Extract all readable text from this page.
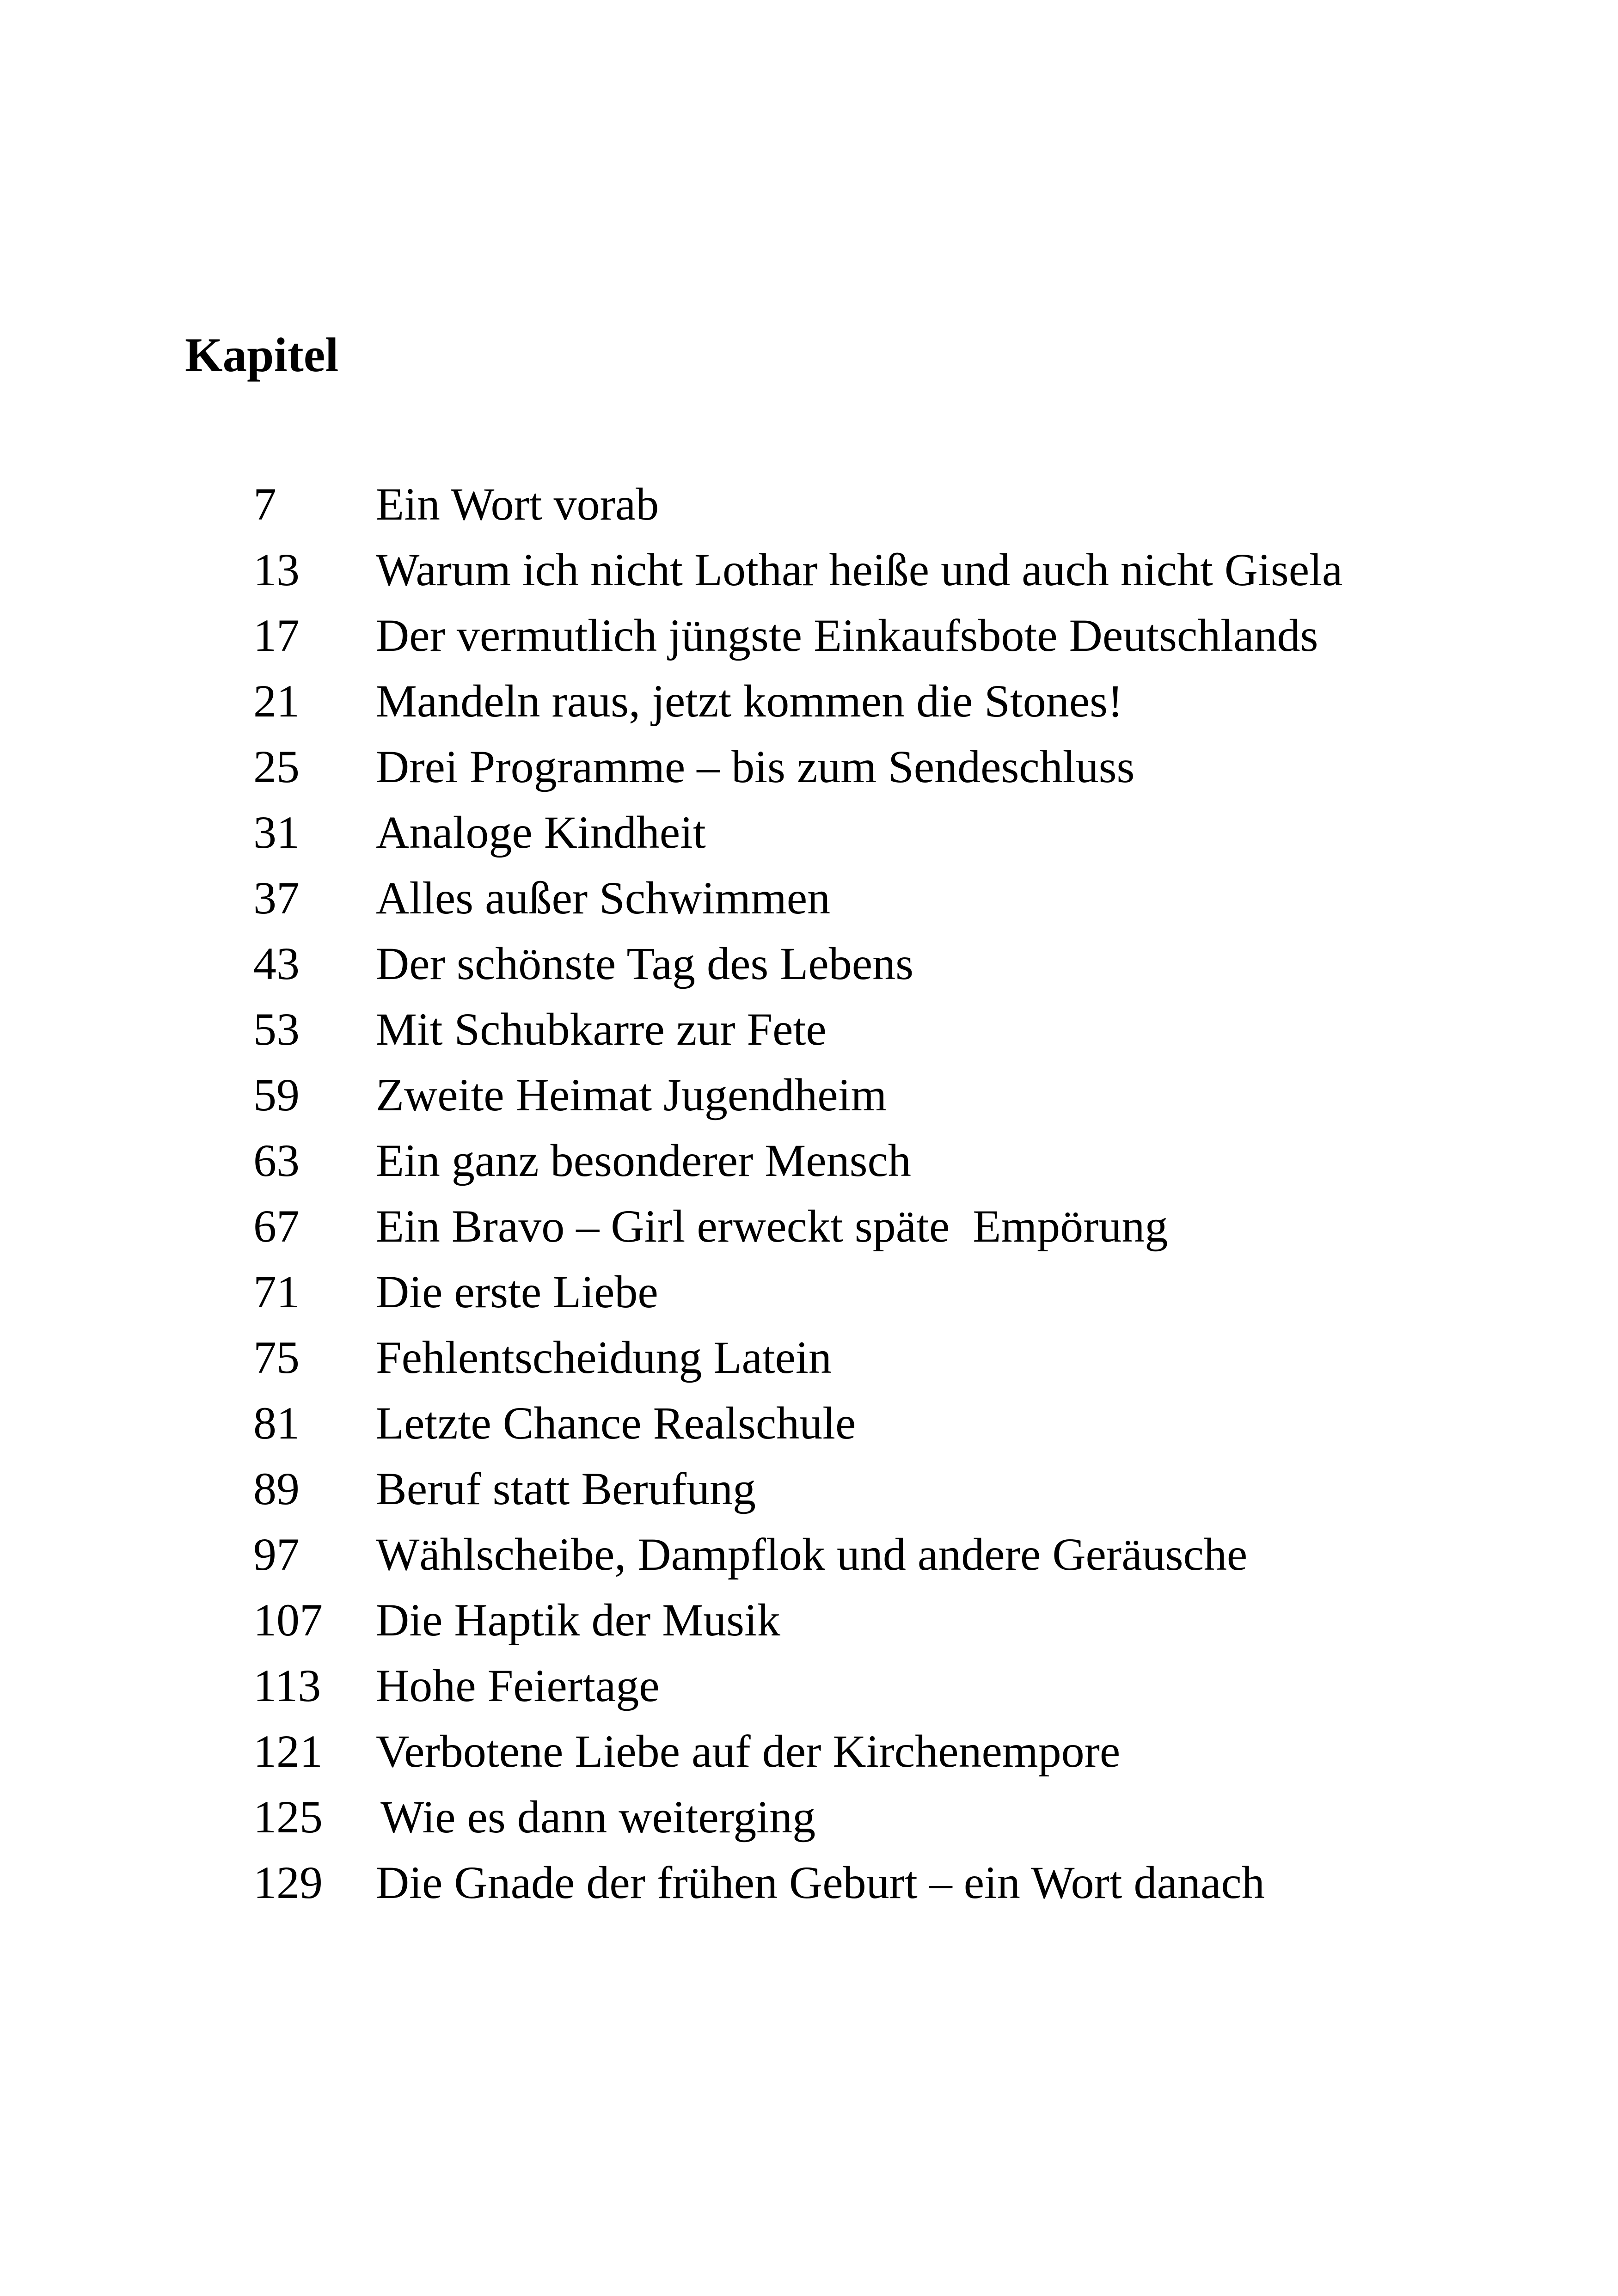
Kapitel
7	Ein Wort vorab
13	Warum ich nicht Lothar heiße und auch nicht Gisela
17	Der vermutlich jüngste Einkaufsbote Deutschlands
21	Mandeln raus, jetzt kommen die Stones!
25	Drei Programme – bis zum Sendeschluss
31	Analoge Kindheit
37	Alles außer Schwimmen
43	Der schönste Tag des Lebens
53	Mit Schubkarre zur Fete
59	Zweite Heimat Jugendheim
63	Ein ganz besonderer Mensch
67	Ein Bravo – Girl erweckt späte  Empörung
71	Die erste Liebe
75	Fehlentscheidung Latein
81	Letzte Chance Realschule
89	Beruf statt Berufung
97	Wählscheibe, Dampflok und andere Geräusche
107	Die Haptik der Musik
113	Hohe Feiertage
121	Verbotene Liebe auf der Kirchenempore
125	Wie es dann weiterging
129	Die Gnade der frühen Geburt – ein Wort danach
